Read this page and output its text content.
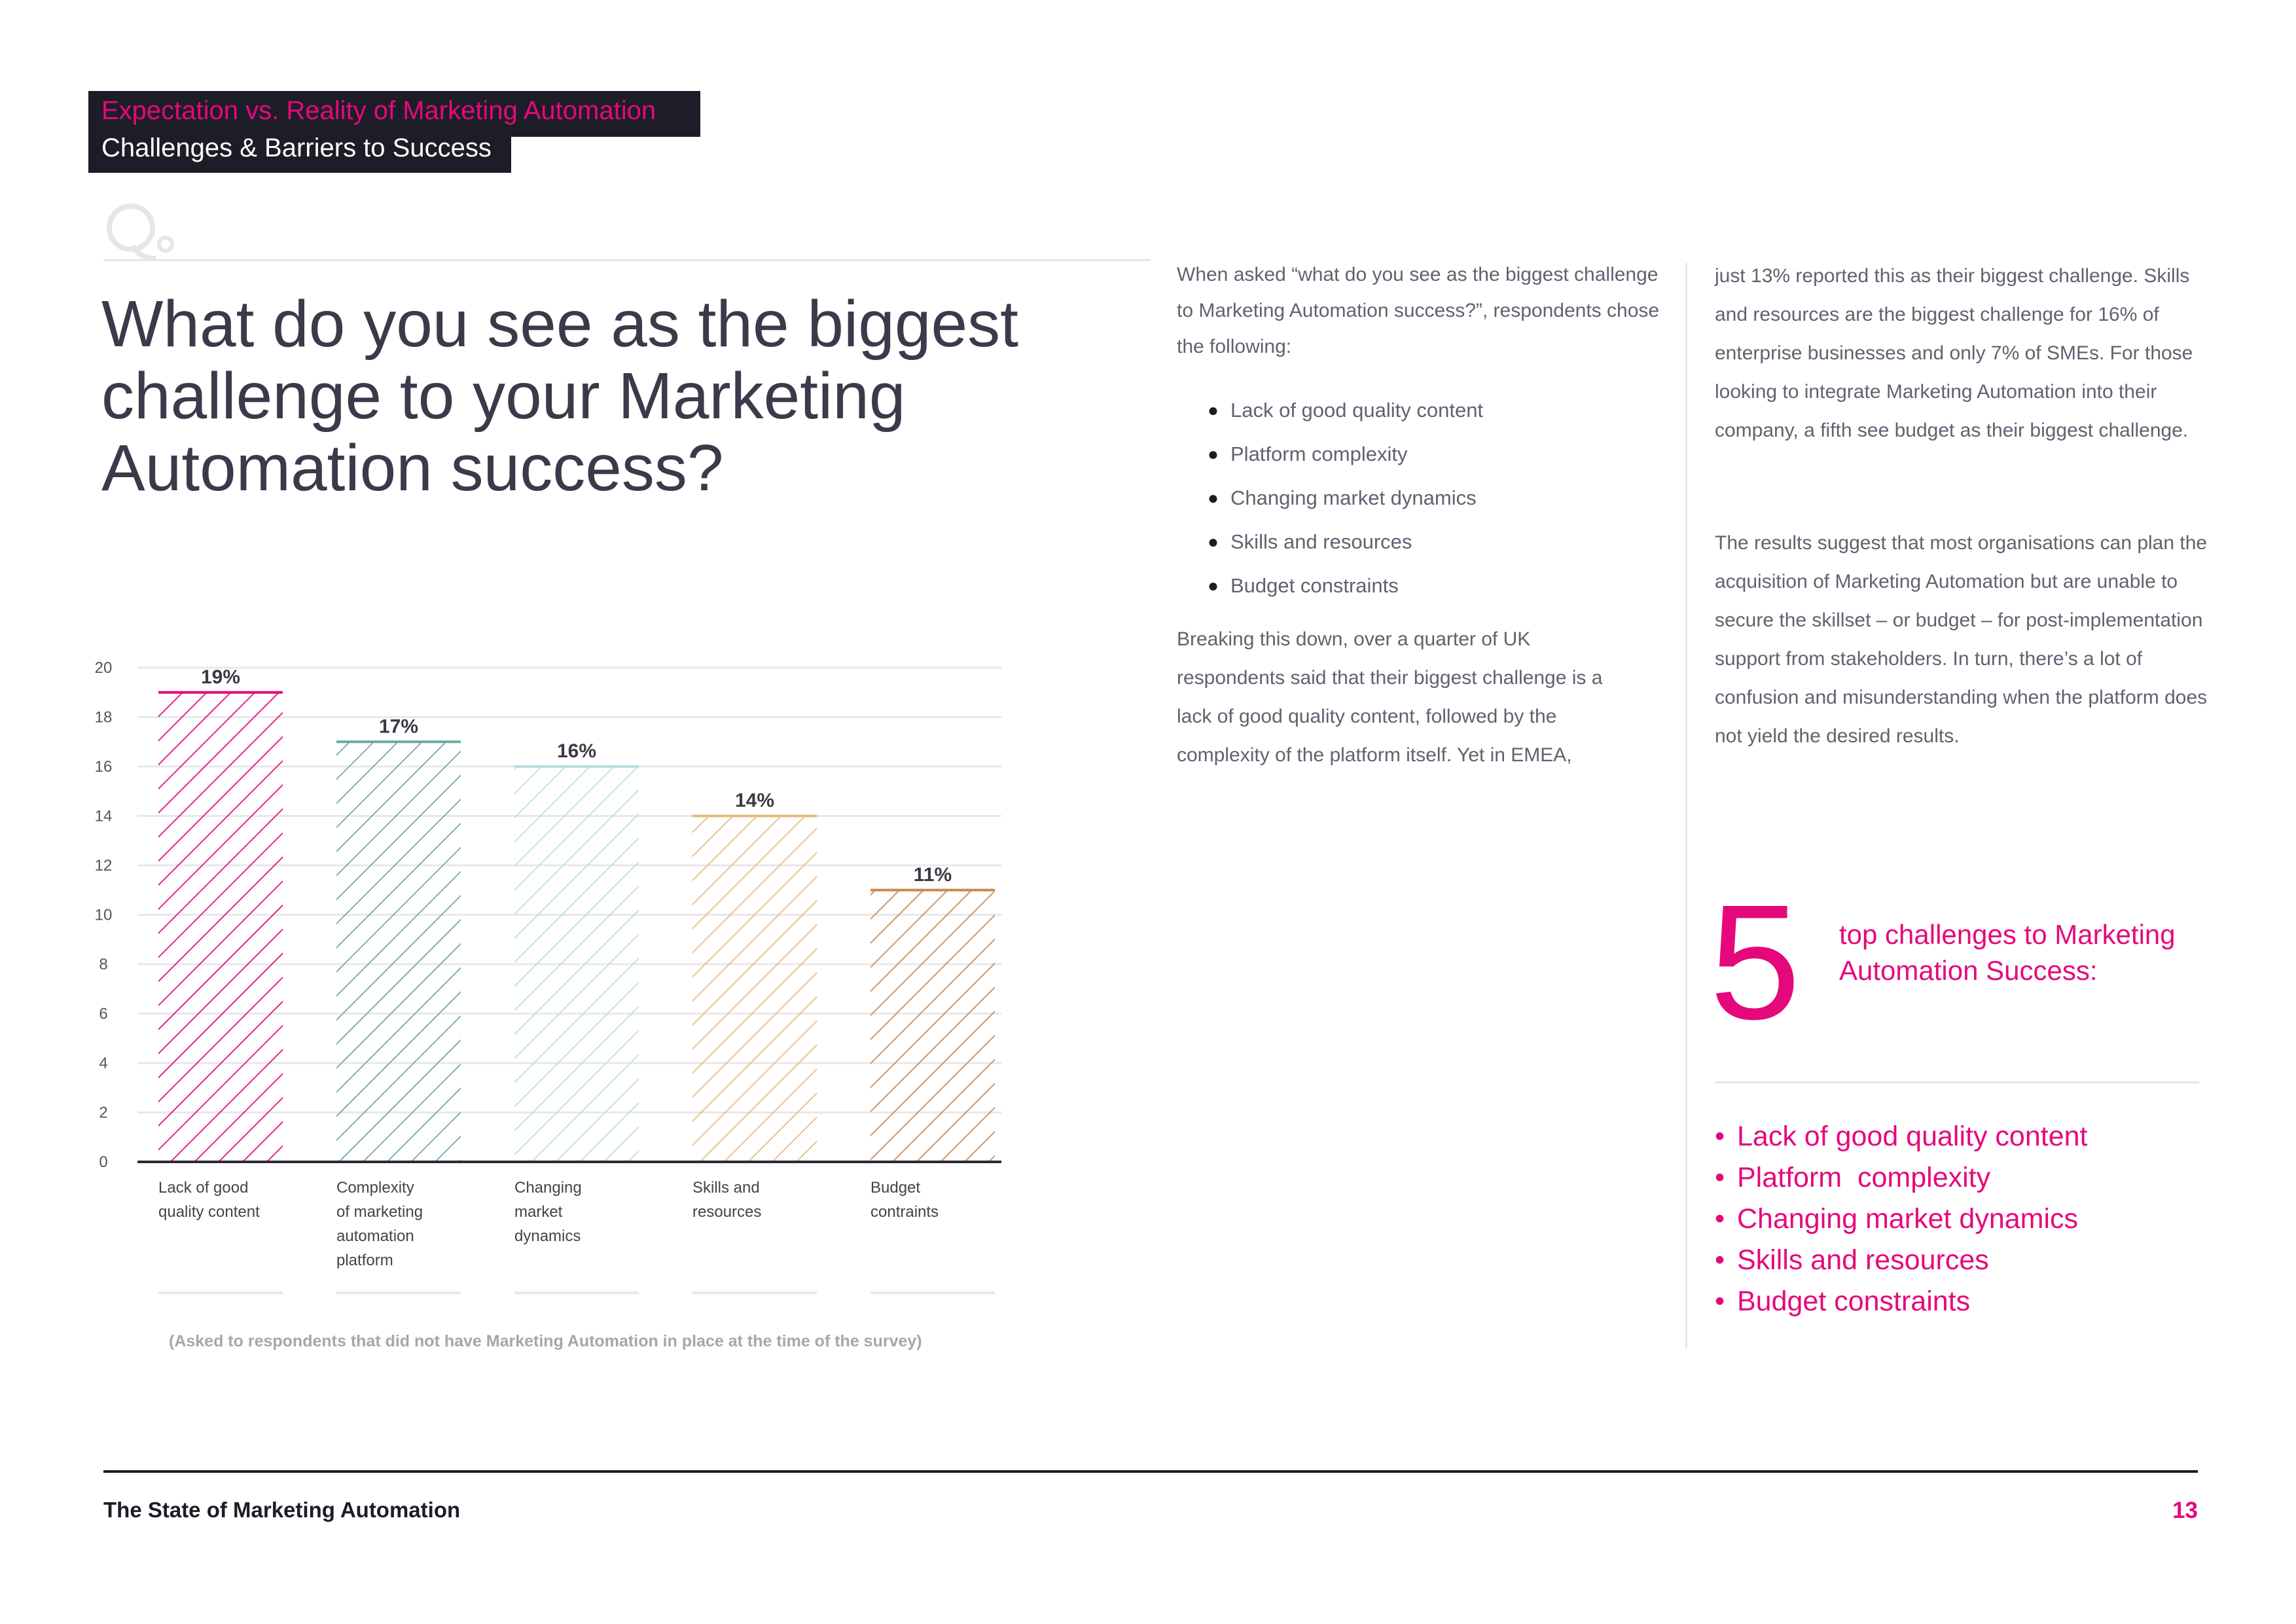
Expectation vs. Reality of Marketing Automation
Challenges & Barriers to Success
What do you see as the biggest challenge to your Marketing Automation success?
0
2
4
6
8
10
12
14
16
18
20	19%
Lack of good
quality content
17%
Complexity
of marketing
automation
platform
16%
Changing
market
dynamics
14%
Skills and
resources
11%
Budget
contraints
(Asked to respondents that did not have Marketing Automation in place at the time of the survey)
When asked “what do you see as the biggest challenge to Marketing Automation success?”, respondents chose the following:
● Lack of good quality content
● Platform complexity
● Changing market dynamics
● Skills and resources
● Budget constraints
Breaking this down, over a quarter of UK respondents said that their biggest challenge is a lack of good quality content, followed by the complexity of the platform itself. Yet in EMEA,
just 13% reported this as their biggest challenge. Skills and resources are the biggest challenge for 16% of enterprise businesses and only 7% of SMEs. For those looking to integrate Marketing Automation into their company, a fifth see budget as their biggest challenge.
The results suggest that most organisations can plan the acquisition of Marketing Automation but are unable to secure the skillset – or budget – for post-implementation support from stakeholders. In turn, there’s a lot of confusion and misunderstanding when the platform does not yield the desired results.
5 top challenges to Marketing Automation Success:
• Lack of good quality content
• Platform  complexity
• Changing market dynamics
• Skills and resources
• Budget constraints
The State of Marketing Automation	13
